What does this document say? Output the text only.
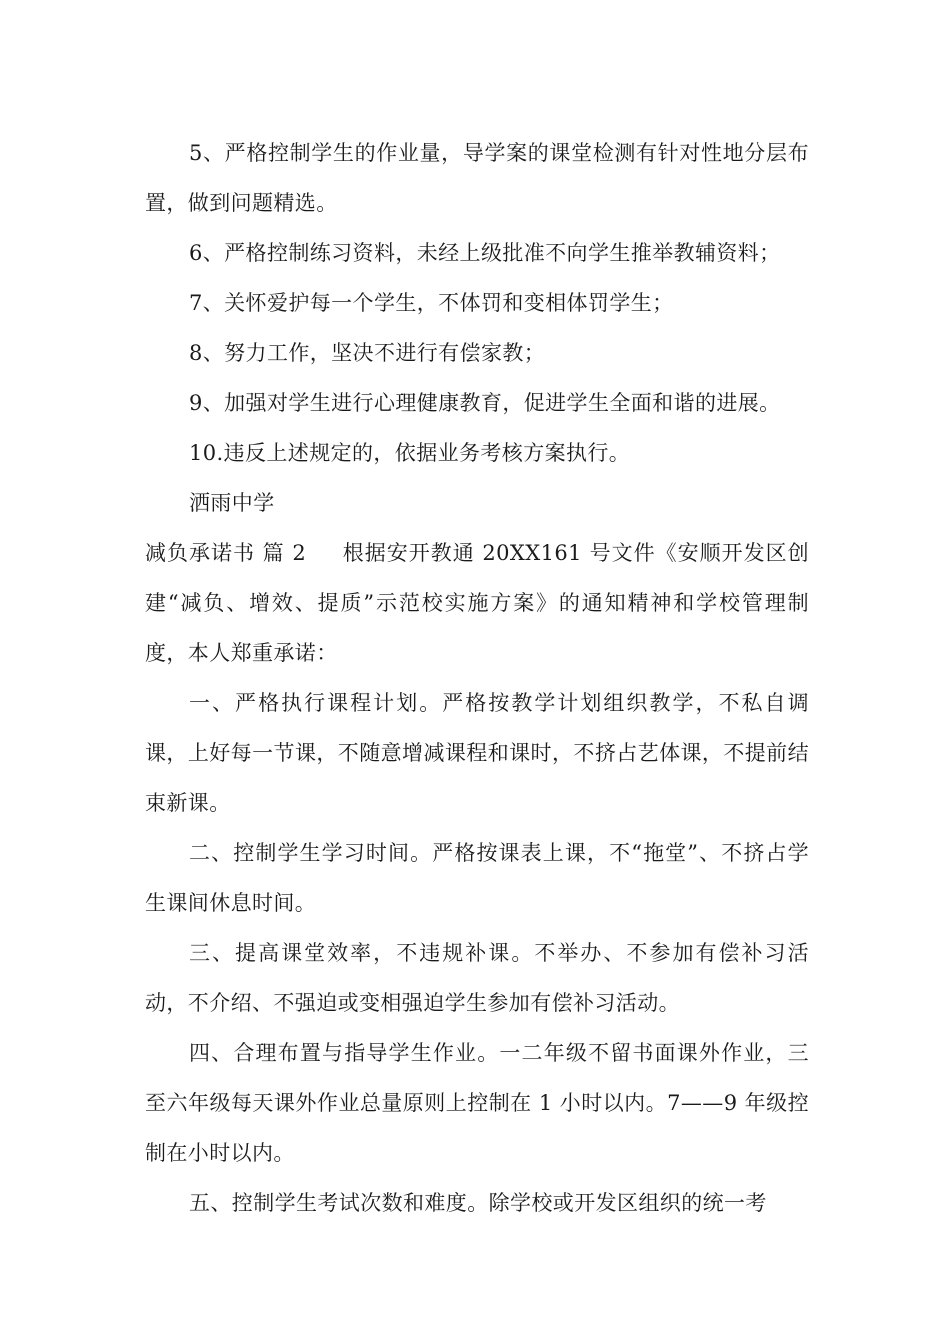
5、严格控制学生的作业量，导学案的课堂检测有针对性地分层布置，做到问题精选。

6、严格控制练习资料，未经上级批准不向学生推举教辅资料；

7、关怀爱护每一个学生，不体罚和变相体罚学生；

8、努力工作，坚决不进行有偿家教；

9、加强对学生进行心理健康教育，促进学生全面和谐的进展。

10.违反上述规定的，依据业务考核方案执行。

洒雨中学

减负承诺书 篇 2 根据安开教通 20XX161 号文件《安顺开发区创建“减负、增效、提质”示范校实施方案》的通知精神和学校管理制度，本人郑重承诺：

一、严格执行课程计划。严格按教学计划组织教学，不私自调课，上好每一节课，不随意增减课程和课时，不挤占艺体课，不提前结束新课。

二、控制学生学习时间。严格按课表上课，不“拖堂”、不挤占学生课间休息时间。

三、提高课堂效率，不违规补课。不举办、不参加有偿补习活动，不介绍、不强迫或变相强迫学生参加有偿补习活动。

四、合理布置与指导学生作业。一二年级不留书面课外作业，三至六年级每天课外作业总量原则上控制在 1 小时以内。7——9 年级控制在小时以内。

五、控制学生考试次数和难度。除学校或开发区组织的统一考
